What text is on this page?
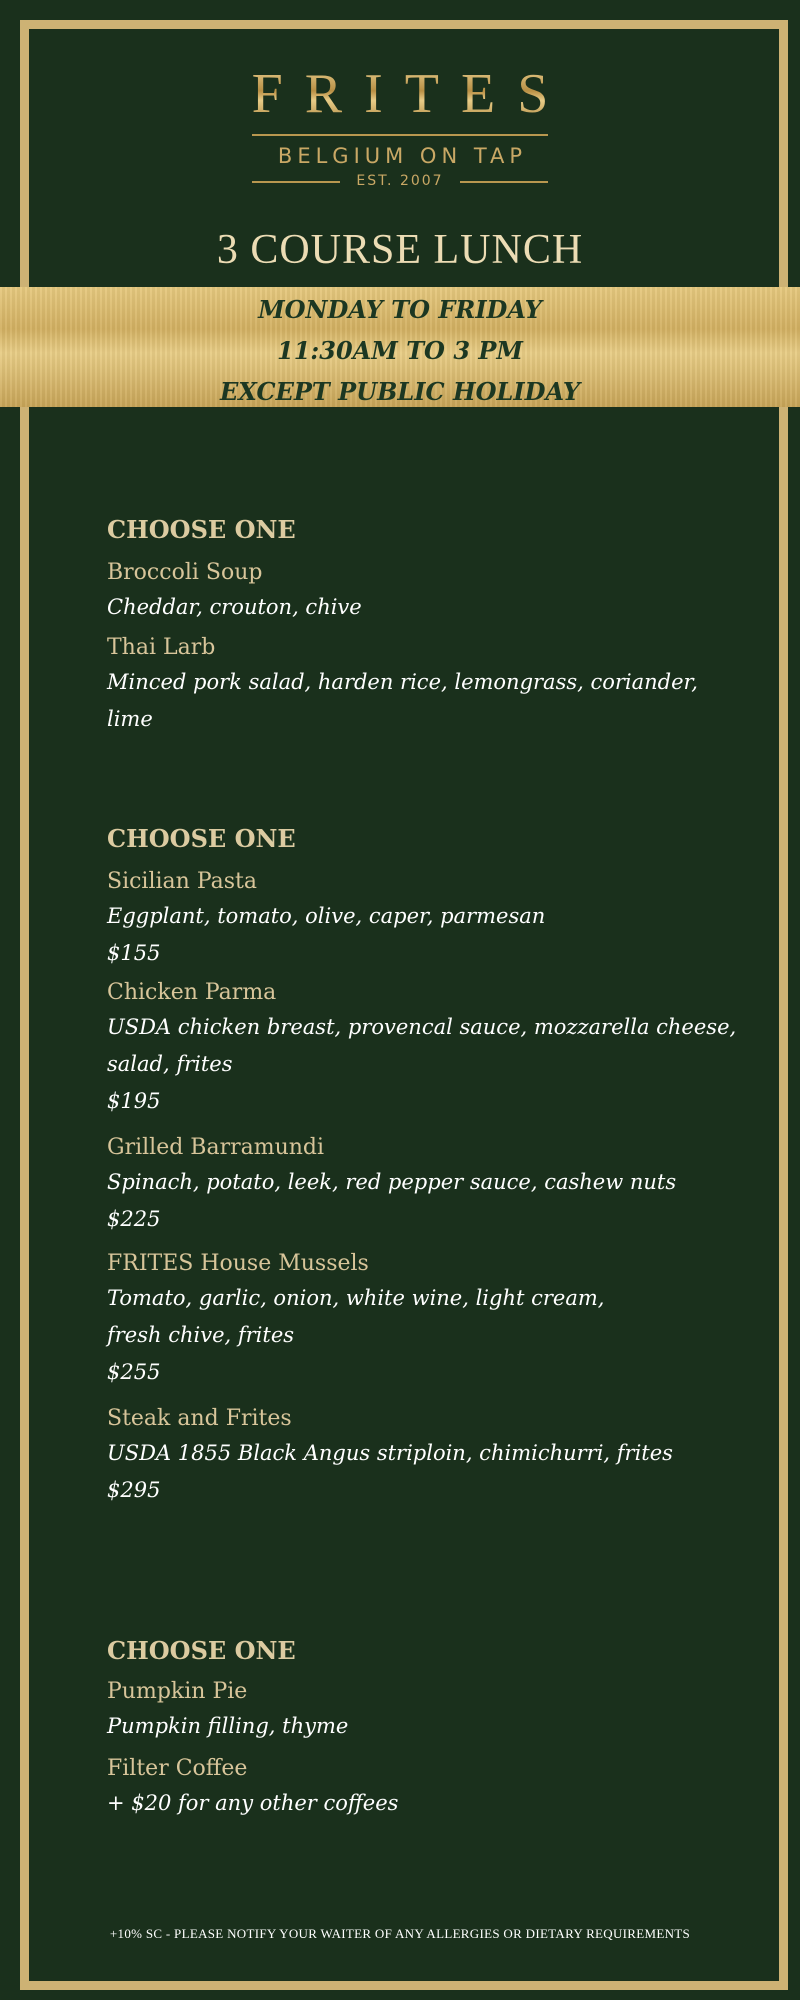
FRITES
BELGIUM ON TAP
EST. 2007
3 COURSE LUNCH
MONDAY TO FRIDAY
11:30AM TO 3 PM
EXCEPT PUBLIC HOLIDAY
CHOOSE ONE

Broccoli Soup

Cheddar, crouton, chive

Thai Larb

Minced pork salad, harden rice, lemongrass, coriander,

lime

CHOOSE ONE

Sicilian Pasta

Eggplant, tomato, olive, caper, parmesan

$155

Chicken Parma

USDA chicken breast, provencal sauce, mozzarella cheese,

salad, frites

$195

Grilled Barramundi

Spinach, potato, leek, red pepper sauce, cashew nuts

$225

FRITES House Mussels

Tomato, garlic, onion, white wine, light cream,

fresh chive, frites

$255

Steak and Frites

USDA 1855 Black Angus striploin, chimichurri, frites

$295

CHOOSE ONE

Pumpkin Pie

Pumpkin filling, thyme

Filter Coffee

+ $20 for any other coffees

+10% SC - PLEASE NOTIFY YOUR WAITER OF ANY ALLERGIES OR DIETARY REQUIREMENTS
